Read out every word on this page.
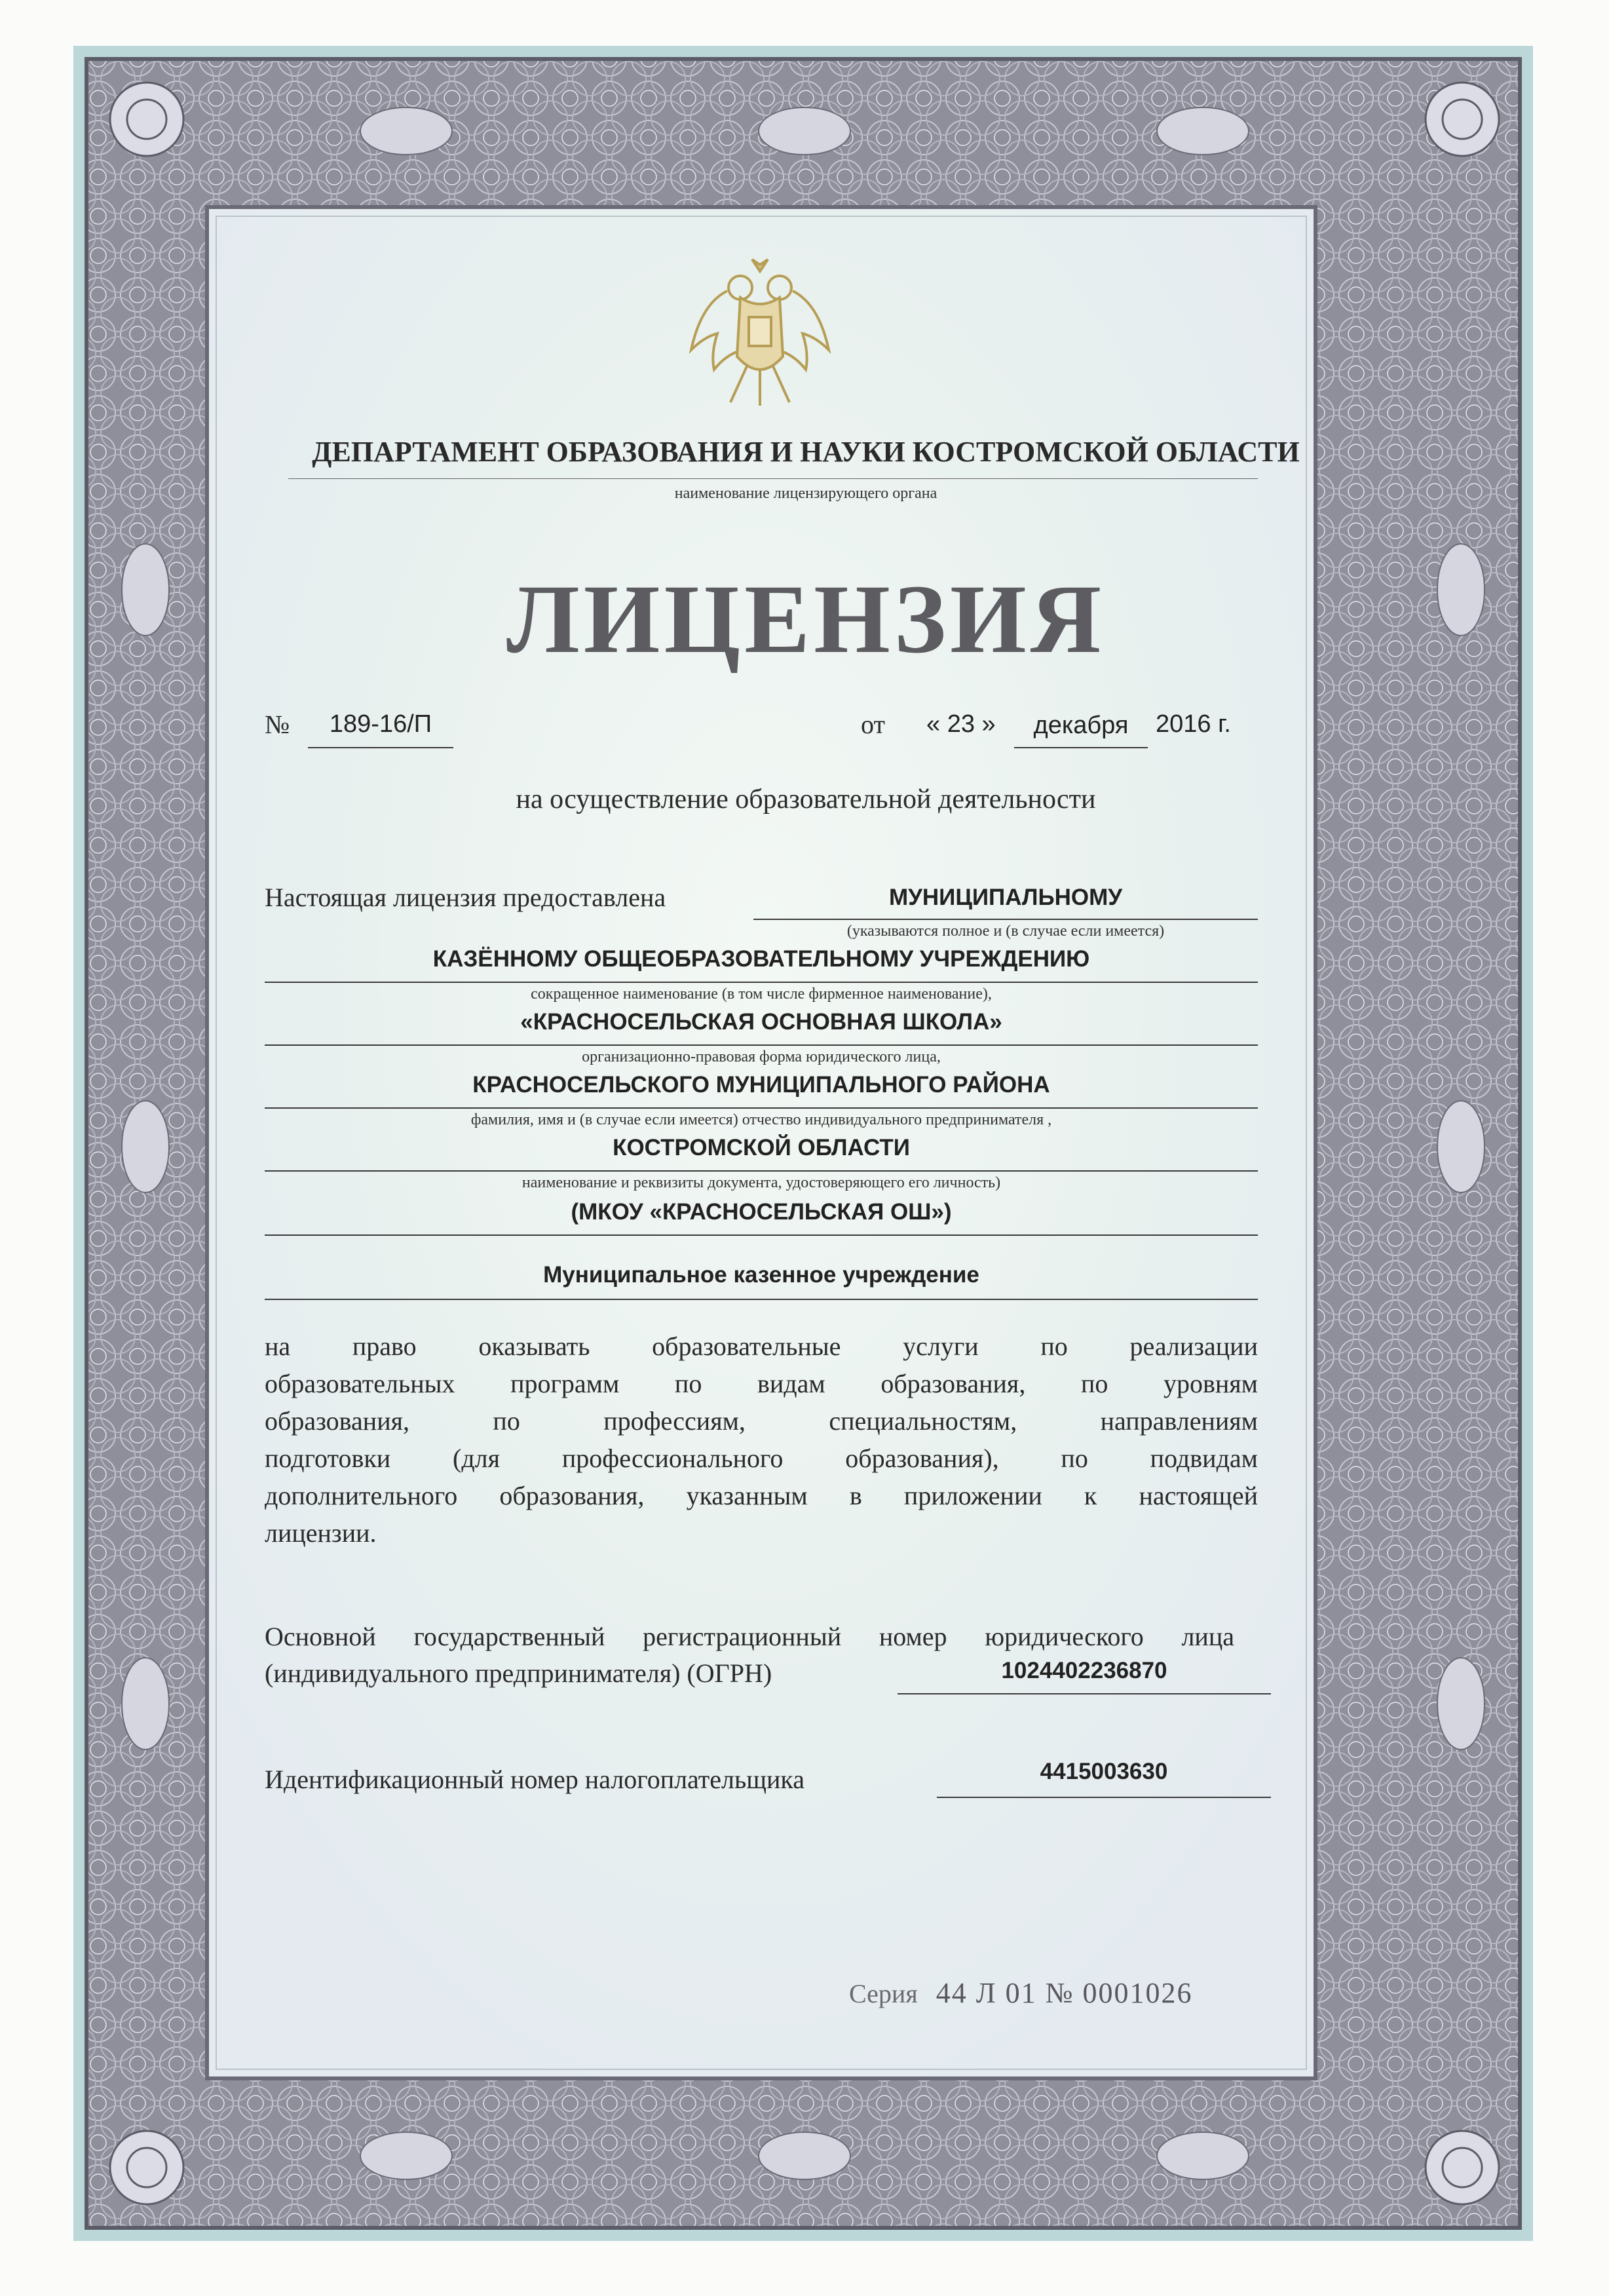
ДЕПАРТАМЕНТ ОБРАЗОВАНИЯ И НАУКИ КОСТРОМСКОЙ ОБЛАСТИ
наименование лицензирующего органа
ЛИЦЕНЗИЯ
№	189-16/П	от « 23 »	декабря	2016 г.
на осуществление образовательной деятельности
Настоящая лицензия предоставлена	МУНИЦИПАЛЬНОМУ
(указываются полное и (в случае если имеется)
КАЗЁННОМУ ОБЩЕОБРАЗОВАТЕЛЬНОМУ УЧРЕЖДЕНИЮ
сокращенное наименование (в том числе фирменное наименование),
«КРАСНОСЕЛЬСКАЯ ОСНОВНАЯ ШКОЛА»
организационно-правовая форма юридического лица,
КРАСНОСЕЛЬСКОГО МУНИЦИПАЛЬНОГО РАЙОНА
фамилия, имя и (в случае если имеется) отчество индивидуального предпринимателя ,
КОСТРОМСКОЙ ОБЛАСТИ
наименование и реквизиты документа, удостоверяющего его личность)
(МКОУ «КРАСНОСЕЛЬСКАЯ ОШ»)
Муниципальное казенное учреждение
на право оказывать образовательные услуги по реализации
образовательных программ по видам образования, по уровням
образования, по профессиям, специальностям, направлениям
подготовки (для профессионального образования), по подвидам
дополнительного образования, указанным в приложении к настоящей
лицензии.
Основной государственный регистрационный номер юридического лица
(индивидуального предпринимателя) (ОГРН)	1024402236870
Идентификационный номер налогоплательщика	4415003630
Серия 44 Л 01 № 0001026
